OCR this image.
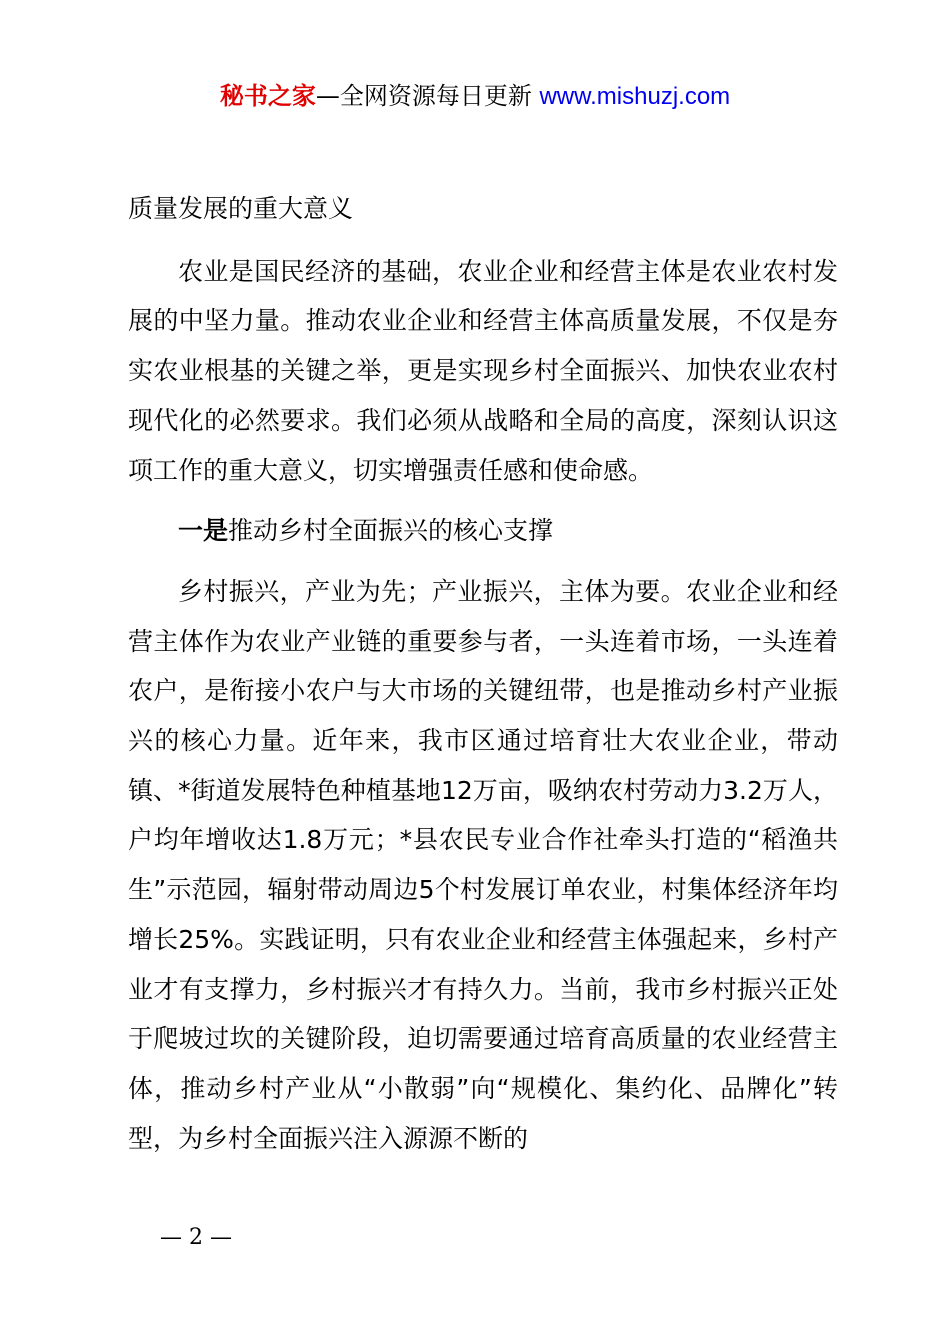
秘书之家—全网资源每日更新 www.mishuzj.com

质量发展的重大意义

农业是国民经济的基础，农业企业和经营主体是农业农村发展的中坚力量。推动农业企业和经营主体高质量发展，不仅是夯实农业根基的关键之举，更是实现乡村全面振兴、加快农业农村现代化的必然要求。我们必须从战略和全局的高度，深刻认识这项工作的重大意义，切实增强责任感和使命感。

一是推动乡村全面振兴的核心支撑

乡村振兴，产业为先；产业振兴，主体为要。农业企业和经营主体作为农业产业链的重要参与者，一头连着市场，一头连着农户，是衔接小农户与大市场的关键纽带，也是推动乡村产业振兴的核心力量。近年来，我市区通过培育壮大农业企业，带动镇、*街道发展特色种植基地12万亩，吸纳农村劳动力3.2万人，户均年增收达1.8万元；*县农民专业合作社牵头打造的“稻渔共生”示范园，辐射带动周边5个村发展订单农业，村集体经济年均增长25%。实践证明，只有农业企业和经营主体强起来，乡村产业才有支撑力，乡村振兴才有持久力。当前，我市乡村振兴正处于爬坡过坎的关键阶段，迫切需要通过培育高质量的农业经营主体，推动乡村产业从“小散弱”向“规模化、集约化、品牌化”转型，为乡村全面振兴注入源源不断的

— 2 —
